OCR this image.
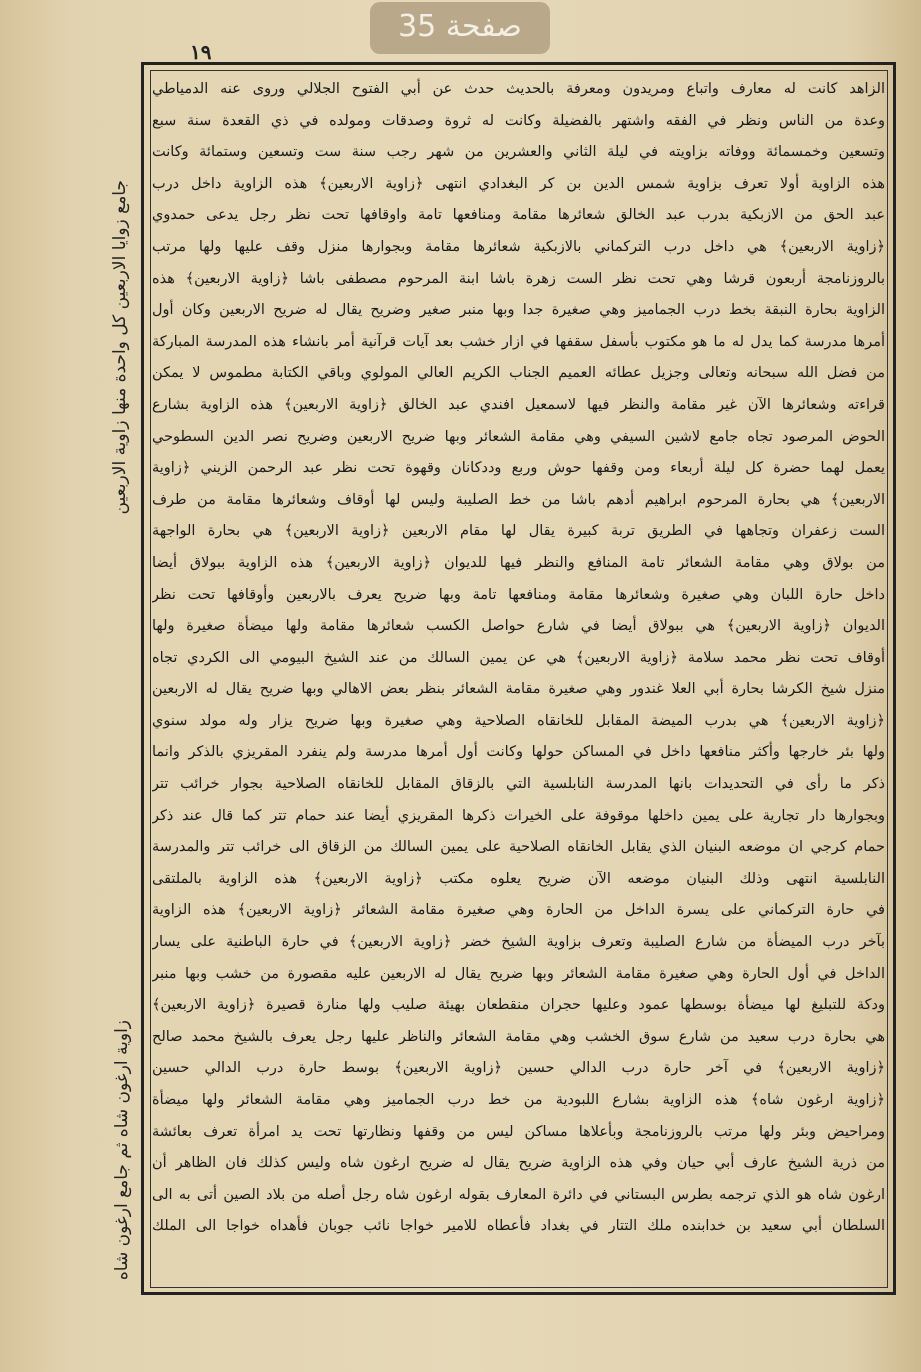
صفحة 35
١٩
جامع زوايا الاربعين كل واحدة منها زاوية الاربعين
زاوية ارغون شاه ثم جامع ارغون شاه
الزاهد كانت له معارف واتباع ومريدون ومعرفة بالحديث حدث عن أبي الفتوح الجلالي وروى عنه الدمياطي
وعدة من الناس ونظر في الفقه واشتهر بالفضيلة وكانت له ثروة وصدقات ومولده في ذي القعدة سنة سبع
وتسعين وخمسمائة ووفاته بزاويته في ليلة الثاني والعشرين من شهر رجب سنة ست وتسعين وستمائة وكانت
هذه الزاوية أولا تعرف بزاوية شمس الدين بن كر البغدادي انتهى ﴿زاوية الاربعين﴾ هذه الزاوية داخل درب
عبد الحق من الازبكية بدرب عبد الخالق شعائرها مقامة ومنافعها تامة واوقافها تحت نظر رجل يدعى حمدوي
﴿زاوية الاربعين﴾ هي داخل درب التركماني بالازبكية شعائرها مقامة وبجوارها منزل وقف عليها ولها مرتب
بالروزنامجة أربعون قرشا وهي تحت نظر الست زهرة باشا ابنة المرحوم مصطفى باشا ﴿زاوية الاربعين﴾ هذه
الزاوية بحارة النبقة بخط درب الجماميز وهي صغيرة جدا وبها منبر صغير وضريح يقال له ضريح الاربعين وكان أول
أمرها مدرسة كما يدل له ما هو مكتوب بأسفل سقفها في ازار خشب بعد آيات قرآنية أمر بانشاء هذه المدرسة المباركة
من فضل الله سبحانه وتعالى وجزيل عطائه العميم الجناب الكريم العالي المولوي وباقي الكتابة مطموس لا يمكن
قراءته وشعائرها الآن غير مقامة والنظر فيها لاسمعيل افندي عبد الخالق ﴿زاوية الاربعين﴾ هذه الزاوية بشارع
الحوض المرصود تجاه جامع لاشين السيفي وهي مقامة الشعائر وبها ضريح الاربعين وضريح نصر الدين السطوحي
يعمل لهما حضرة كل ليلة أربعاء ومن وقفها حوش وربع وددكانان وقهوة تحت نظر عبد الرحمن الزيني ﴿زاوية
الاربعين﴾ هي بحارة المرحوم ابراهيم أدهم باشا من خط الصليبة وليس لها أوقاف وشعائرها مقامة من طرف
الست زعفران وتجاهها في الطريق تربة كبيرة يقال لها مقام الاربعين ﴿زاوية الاربعين﴾ هي بحارة الواجهة
من بولاق وهي مقامة الشعائر تامة المنافع والنظر فيها للديوان ﴿زاوية الاربعين﴾ هذه الزاوية ببولاق أيضا
داخل حارة اللبان وهي صغيرة وشعائرها مقامة ومنافعها تامة وبها ضريح يعرف بالاربعين وأوقافها تحت نظر
الديوان ﴿زاوية الاربعين﴾ هي ببولاق أيضا في شارع حواصل الكسب شعائرها مقامة ولها ميضأة صغيرة ولها
أوقاف تحت نظر محمد سلامة ﴿زاوية الاربعين﴾ هي عن يمين السالك من عند الشيخ البيومي الى الكردي تجاه
منزل شيخ الكرشا بحارة أبي العلا غندور وهي صغيرة مقامة الشعائر بنظر بعض الاهالي وبها ضريح يقال له الاربعين
﴿زاوية الاربعين﴾ هي بدرب الميضة المقابل للخانقاه الصلاحية وهي صغيرة وبها ضريح يزار وله مولد سنوي
ولها بئر خارجها وأكثر منافعها داخل في المساكن حولها وكانت أول أمرها مدرسة ولم ينفرد المقريزي بالذكر وانما
ذكر ما رأى في التحديدات بانها المدرسة النابلسية التي بالزقاق المقابل للخانقاه الصلاحية بجوار خرائب تتر
وبجوارها دار تجارية على يمين داخلها موقوفة على الخيرات ذكرها المقريزي أيضا عند حمام تتر كما قال عند ذكر
حمام كرجي ان موضعه البنيان الذي يقابل الخانقاه الصلاحية على يمين السالك من الزقاق الى خرائب تتر والمدرسة
النابلسية انتهى وذلك البنيان موضعه الآن ضريح يعلوه مكتب ﴿زاوية الاربعين﴾ هذه الزاوية بالملتقى
في حارة التركماني على يسرة الداخل من الحارة وهي صغيرة مقامة الشعائر ﴿زاوية الاربعين﴾ هذه الزاوية
بآخر درب الميضأة من شارع الصليبة وتعرف بزاوية الشيخ خضر ﴿زاوية الاربعين﴾ في حارة الباطنية على يسار
الداخل في أول الحارة وهي صغيرة مقامة الشعائر وبها ضريح يقال له الاربعين عليه مقصورة من خشب وبها منبر
ودكة للتبليغ لها ميضأة بوسطها عمود وعليها حجران منقطعان بهيئة صليب ولها منارة قصيرة ﴿زاوية الاربعين﴾
هي بحارة درب سعيد من شارع سوق الخشب وهي مقامة الشعائر والناظر عليها رجل يعرف بالشيخ محمد صالح
﴿زاوية الاربعين﴾ في آخر حارة درب الدالي حسين ﴿زاوية الاربعين﴾ بوسط حارة درب الدالي حسين
﴿زاوية ارغون شاه﴾ هذه الزاوية بشارع اللبودية من خط درب الجماميز وهي مقامة الشعائر ولها ميضأة
ومراحيض وبئر ولها مرتب بالروزنامجة وبأعلاها مساكن ليس من وقفها ونظارتها تحت يد امرأة تعرف بعائشة
من ذرية الشيخ عارف أبي حيان وفي هذه الزاوية ضريح يقال له ضريح ارغون شاه وليس كذلك فان الظاهر أن
ارغون شاه هو الذي ترجمه بطرس البستاني في دائرة المعارف بقوله ارغون شاه رجل أصله من بلاد الصين أتى به الى
السلطان أبي سعيد بن خدابنده ملك التتار في بغداد فأعطاه للامير خواجا نائب جوبان فأهداه خواجا الى الملك
